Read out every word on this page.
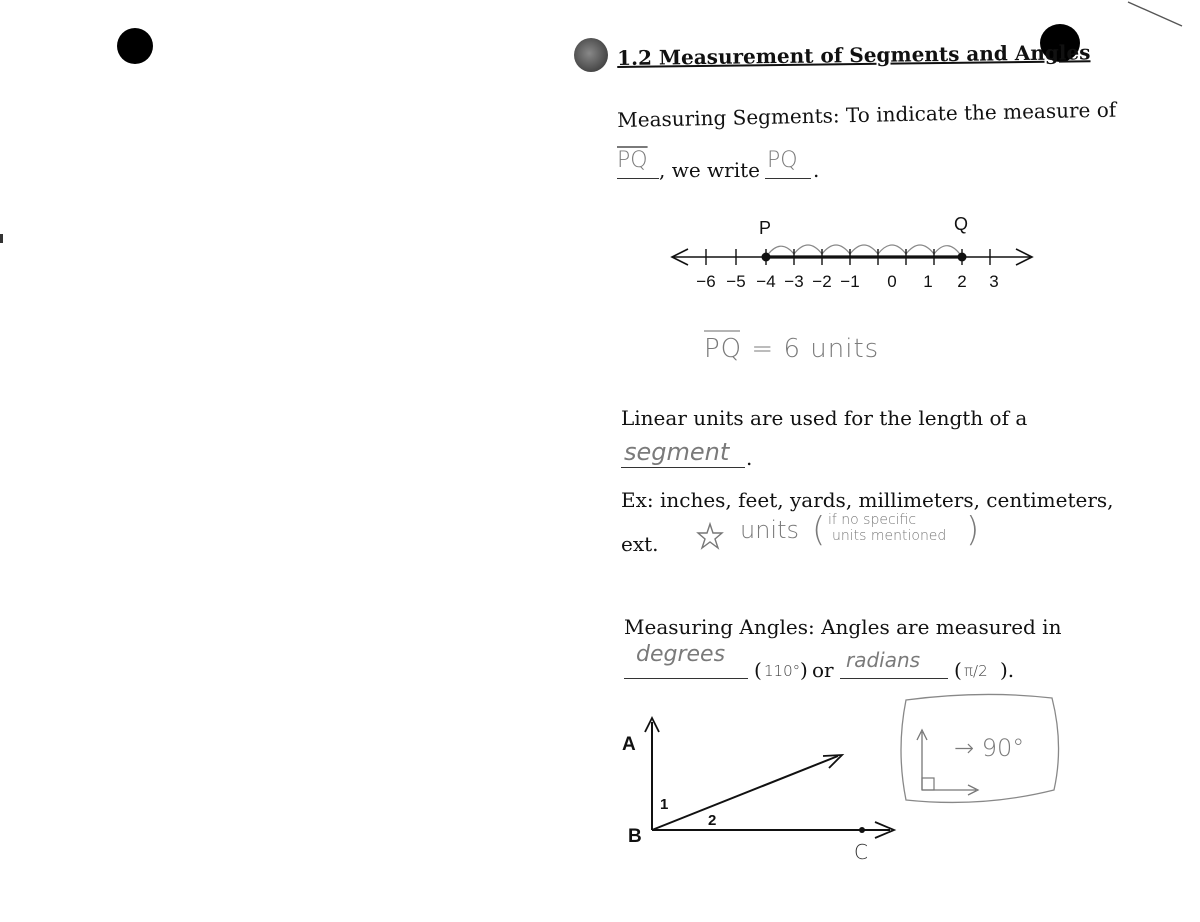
1.2 Measurement of Segments and Angles
Measuring Segments: To indicate the measure of
$\overline{PQ}$ , we write PQ .
P	Q
−6 −5 −4 −3 −2 −1	0	1	2	3
PQ = 6 units
Linear units are used for the length of a
segment .
Ex: inches, feet, yards, millimeters, centimeters,
ext.	units ( if no specific
units mentioned )
Measuring Angles: Angles are measured in
degrees
( 110° ) or radians ( π/2 ).
A
B
C
1
2
→ 90°
